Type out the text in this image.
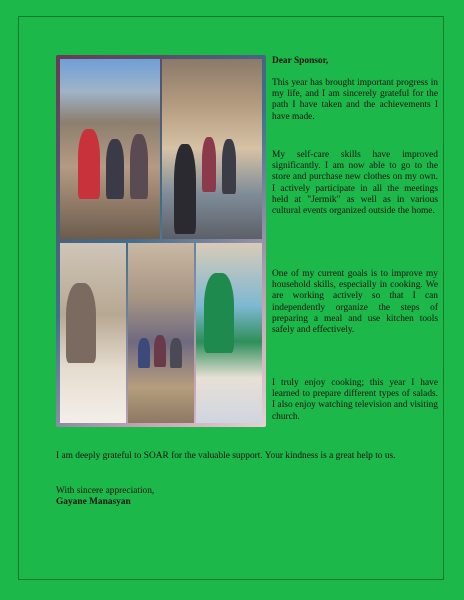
Dear Sponsor,
This year has brought important progress in my life, and I am sincerely grateful for the path I have taken and the achievements I have made.
My self-care skills have improved significantly. I am now able to go to the store and purchase new clothes on my own. I actively participate in all the meetings held at "Jermik" as well as in various cultural events organized outside the home.
One of my current goals is to improve my household skills, especially in cooking. We are working actively so that I can independently organize the steps of preparing a meal and use kitchen tools safely and effectively.
I truly enjoy cooking; this year I have learned to prepare different types of salads. I also enjoy watching television and visiting church.
I am deeply grateful to SOAR for the valuable support. Your kindness is a great help to us.
With sincere appreciation,
Gayane Manasyan
